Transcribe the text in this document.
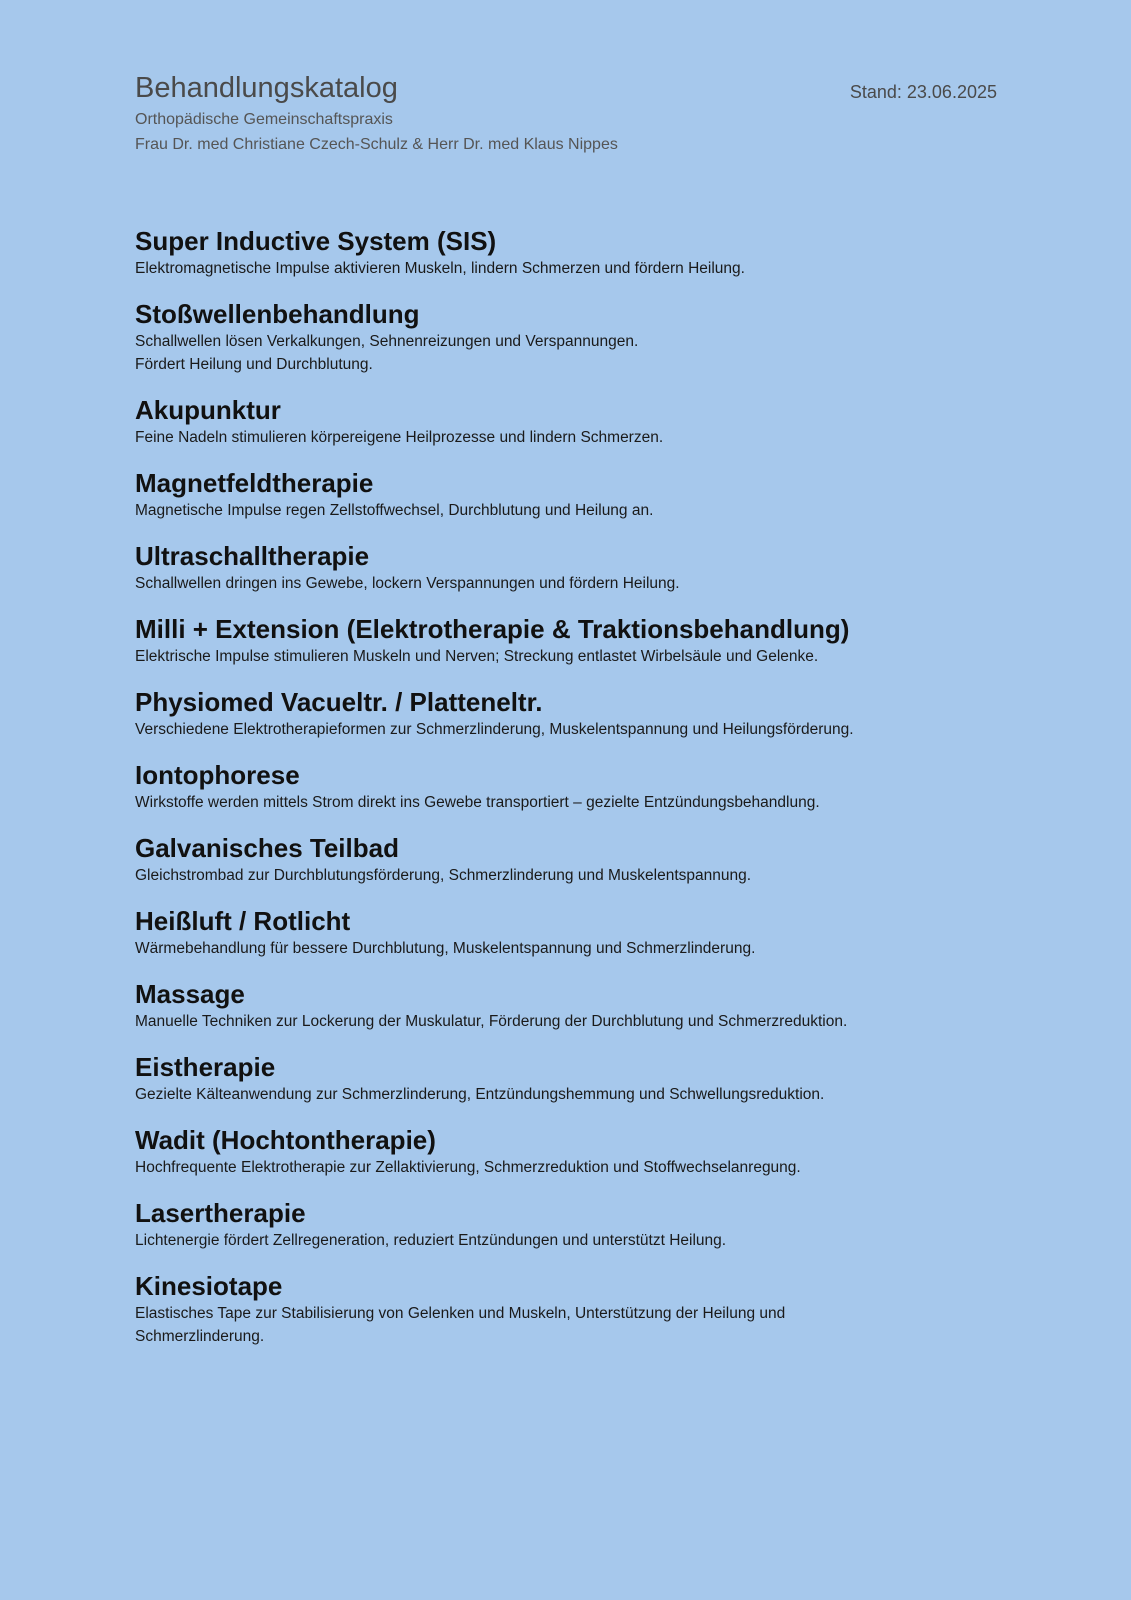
Behandlungskatalog
Orthopädische Gemeinschaftspraxis
Frau Dr. med Christiane Czech-Schulz & Herr Dr. med Klaus Nippes
Stand: 23.06.2025
Super Inductive System (SIS)
Elektromagnetische Impulse aktivieren Muskeln, lindern Schmerzen und fördern Heilung.
Stoßwellenbehandlung
Schallwellen lösen Verkalkungen, Sehnenreizungen und Verspannungen.
Fördert Heilung und Durchblutung.
Akupunktur
Feine Nadeln stimulieren körpereigene Heilprozesse und lindern Schmerzen.
Magnetfeldtherapie
Magnetische Impulse regen Zellstoffwechsel, Durchblutung und Heilung an.
Ultraschalltherapie
Schallwellen dringen ins Gewebe, lockern Verspannungen und fördern Heilung.
Milli + Extension (Elektrotherapie & Traktionsbehandlung)
Elektrische Impulse stimulieren Muskeln und Nerven; Streckung entlastet Wirbelsäule und Gelenke.
Physiomed Vacueltr. / Platteneltr.
Verschiedene Elektrotherapieformen zur Schmerzlinderung, Muskelentspannung und Heilungsförderung.
Iontophorese
Wirkstoffe werden mittels Strom direkt ins Gewebe transportiert – gezielte Entzündungsbehandlung.
Galvanisches Teilbad
Gleichstrombad zur Durchblutungsförderung, Schmerzlinderung und Muskelentspannung.
Heißluft / Rotlicht
Wärmebehandlung für bessere Durchblutung, Muskelentspannung und Schmerzlinderung.
Massage
Manuelle Techniken zur Lockerung der Muskulatur, Förderung der Durchblutung und Schmerzreduktion.
Eistherapie
Gezielte Kälteanwendung zur Schmerzlinderung, Entzündungshemmung und Schwellungsreduktion.
Wadit (Hochtontherapie)
Hochfrequente Elektrotherapie zur Zellaktivierung, Schmerzreduktion und Stoffwechselanregung.
Lasertherapie
Lichtenergie fördert Zellregeneration, reduziert Entzündungen und unterstützt Heilung.
Kinesiotape
Elastisches Tape zur Stabilisierung von Gelenken und Muskeln, Unterstützung der Heilung und
Schmerzlinderung.
